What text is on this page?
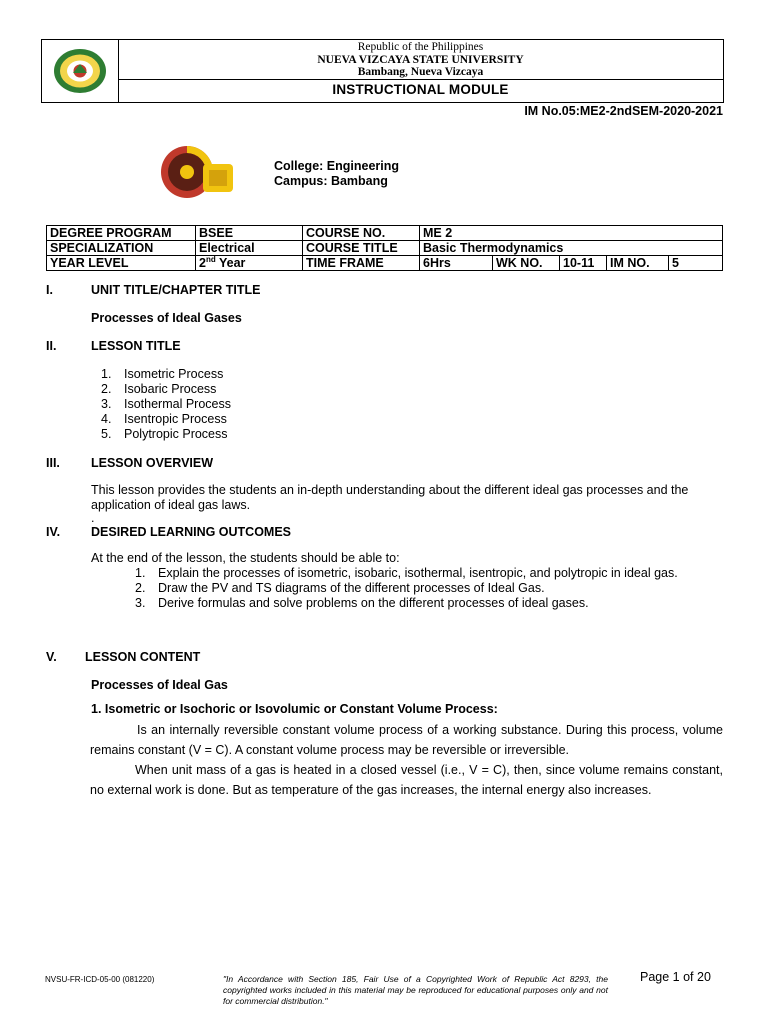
Republic of the Philippines
NUEVA VIZCAYA STATE UNIVERSITY
Bambang, Nueva Vizcaya
INSTRUCTIONAL MODULE
IM No.05:ME2-2ndSEM-2020-2021
College: Engineering
Campus: Bambang
DEGREE PROGRAM	BSEE	COURSE NO.	ME 2				
SPECIALIZATION	Electrical	COURSE TITLE	Basic Thermodynamics				
YEAR LEVEL	2nd Year	TIME FRAME	6Hrs	WK NO.	10-11	IM NO.	5
I.	UNIT TITLE/CHAPTER TITLE
Processes of Ideal Gases
II.	LESSON TITLE
1. Isometric Process
2. Isobaric Process
3. Isothermal Process
4. Isentropic Process
5. Polytropic Process
III. LESSON OVERVIEW
This lesson provides the students an in-depth understanding about the different ideal gas processes and the application of ideal gas laws.
.
IV. DESIRED LEARNING OUTCOMES
At the end of the lesson, the students should be able to:
1. Explain the processes of isometric, isobaric, isothermal, isentropic, and polytropic in ideal gas.
2. Draw the PV and TS diagrams of the different processes of Ideal Gas.
3. Derive formulas and solve problems on the different processes of ideal gases.
V. LESSON CONTENT
Processes of Ideal Gas
1. Isometric or Isochoric or Isovolumic or Constant Volume Process:
Is an internally reversible constant volume process of a working substance. During this process, volume remains constant (V = C). A constant volume process may be reversible or irreversible.
When unit mass of a gas is heated in a closed vessel (i.e., V = C), then, since volume remains constant, no external work is done. But as temperature of the gas increases, the internal energy also increases.
NVSU-FR-ICD-05-00 (081220)	"In Accordance with Section 185, Fair Use of a Copyrighted Work of Republic Act 8293, the copyrighted works included in this material may be reproduced for educational purposes only and not for commercial distribution."
Page 1 of 20
